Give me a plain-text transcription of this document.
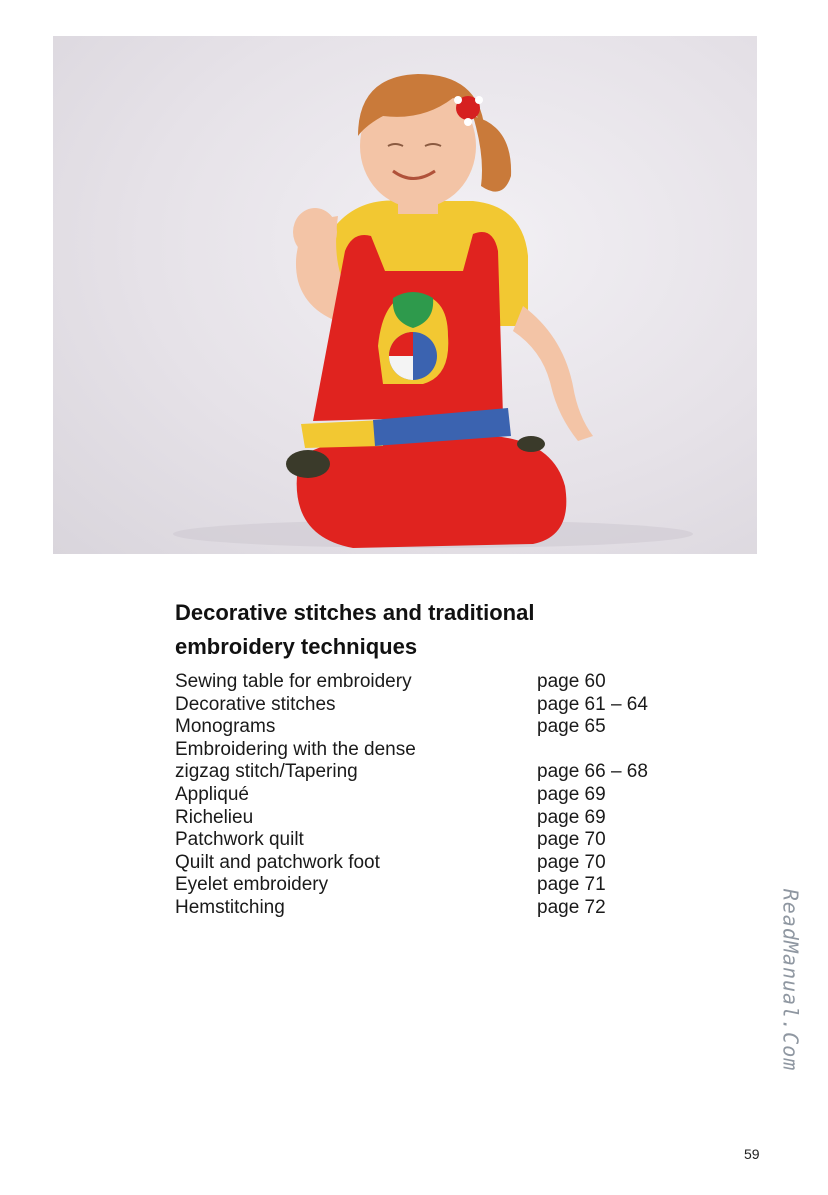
Decorative stitches and traditional
embroidery techniques
Sewing table for embroidery	page 60
Decorative stitches	page 61 – 64
Monograms	page 65
Embroidering with the dense
zigzag stitch/Tapering	page 66 – 68
Appliqué	page 69
Richelieu	page 69
Patchwork quilt	page 70
Quilt and patchwork foot	page 70
Eyelet embroidery	page 71
Hemstitching	page 72	ReadManual.Com
59
